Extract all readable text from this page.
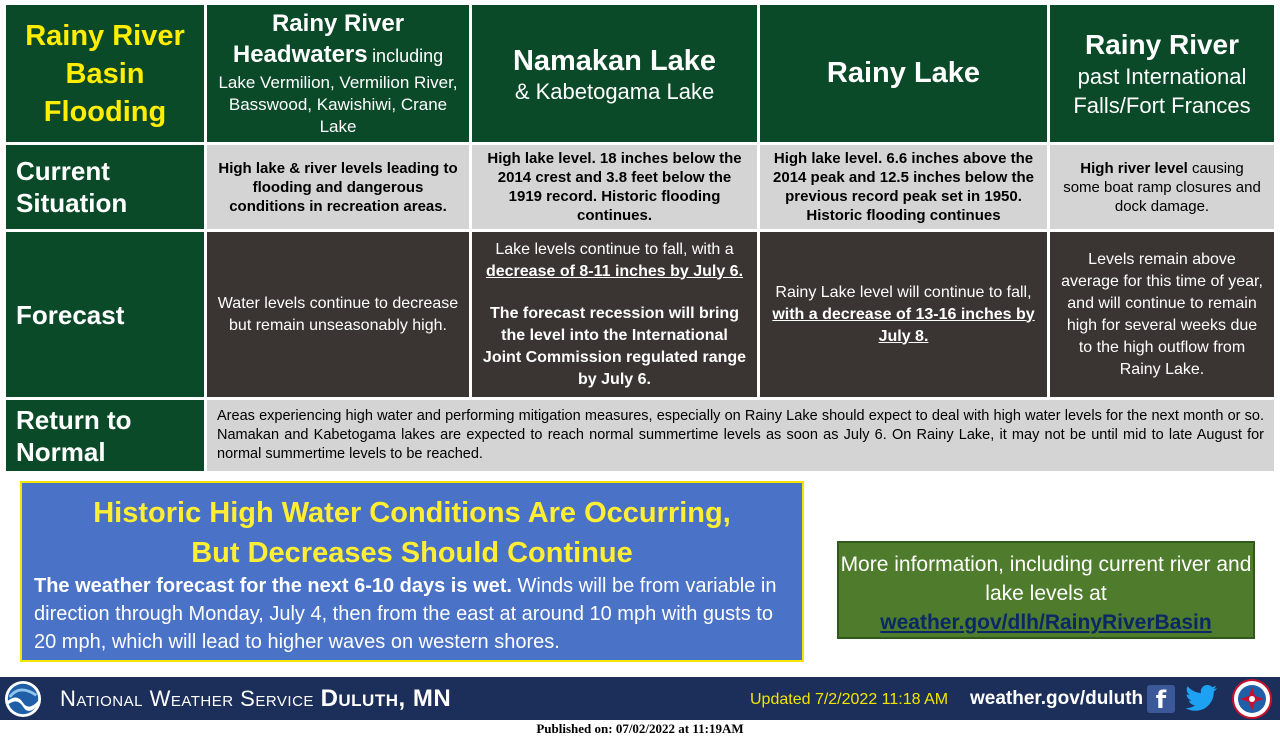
Rainy River Basin Flooding
Rainy River Headwaters including
Lake Vermilion, Vermilion River, Basswood, Kawishiwi, Crane Lake
Namakan Lake
& Kabetogama Lake
Rainy Lake
Rainy River
past International Falls/Fort Frances
Current Situation
High lake & river levels leading to flooding and dangerous conditions in recreation areas.
High lake level. 18 inches below the 2014 crest and 3.8 feet below the 1919 record. Historic flooding continues.
High lake level. 6.6 inches above the 2014 peak and 12.5 inches below the previous record peak set in 1950. Historic flooding continues
High river level causing some boat ramp closures and dock damage.
Forecast	Water levels continue to decrease but remain unseasonably high.
Lake levels continue to fall, with a
decrease of 8-11 inches by July 6.
The forecast recession will bring the level into the International Joint Commission regulated range by July 6.
Rainy Lake level will continue to fall, with a decrease of 13-16 inches by July 8.
Levels remain above average for this time of year, and will continue to remain high for several weeks due to the high outflow from Rainy Lake.
Return to Normal
Areas experiencing high water and performing mitigation measures, especially on Rainy Lake should expect to deal with high water levels for the next month or so. Namakan and Kabetogama lakes are expected to reach normal summertime levels as soon as July 6. On Rainy Lake, it may not be until mid to late August for normal summertime levels to be reached.
Historic High Water Conditions Are Occurring,
But Decreases Should Continue
The weather forecast for the next 6-10 days is wet. Winds will be from variable in direction through Monday, July 4, then from the east at around 10 mph with gusts to 20 mph, which will lead to higher waves on western shores.
More information, including current river and lake levels at
weather.gov/dlh/RainyRiverBasin
National Weather Service Duluth, MN	Updated 7/2/2022 11:18 AM weather.gov/duluth f
Published on: 07/02/2022 at 11:19AM
